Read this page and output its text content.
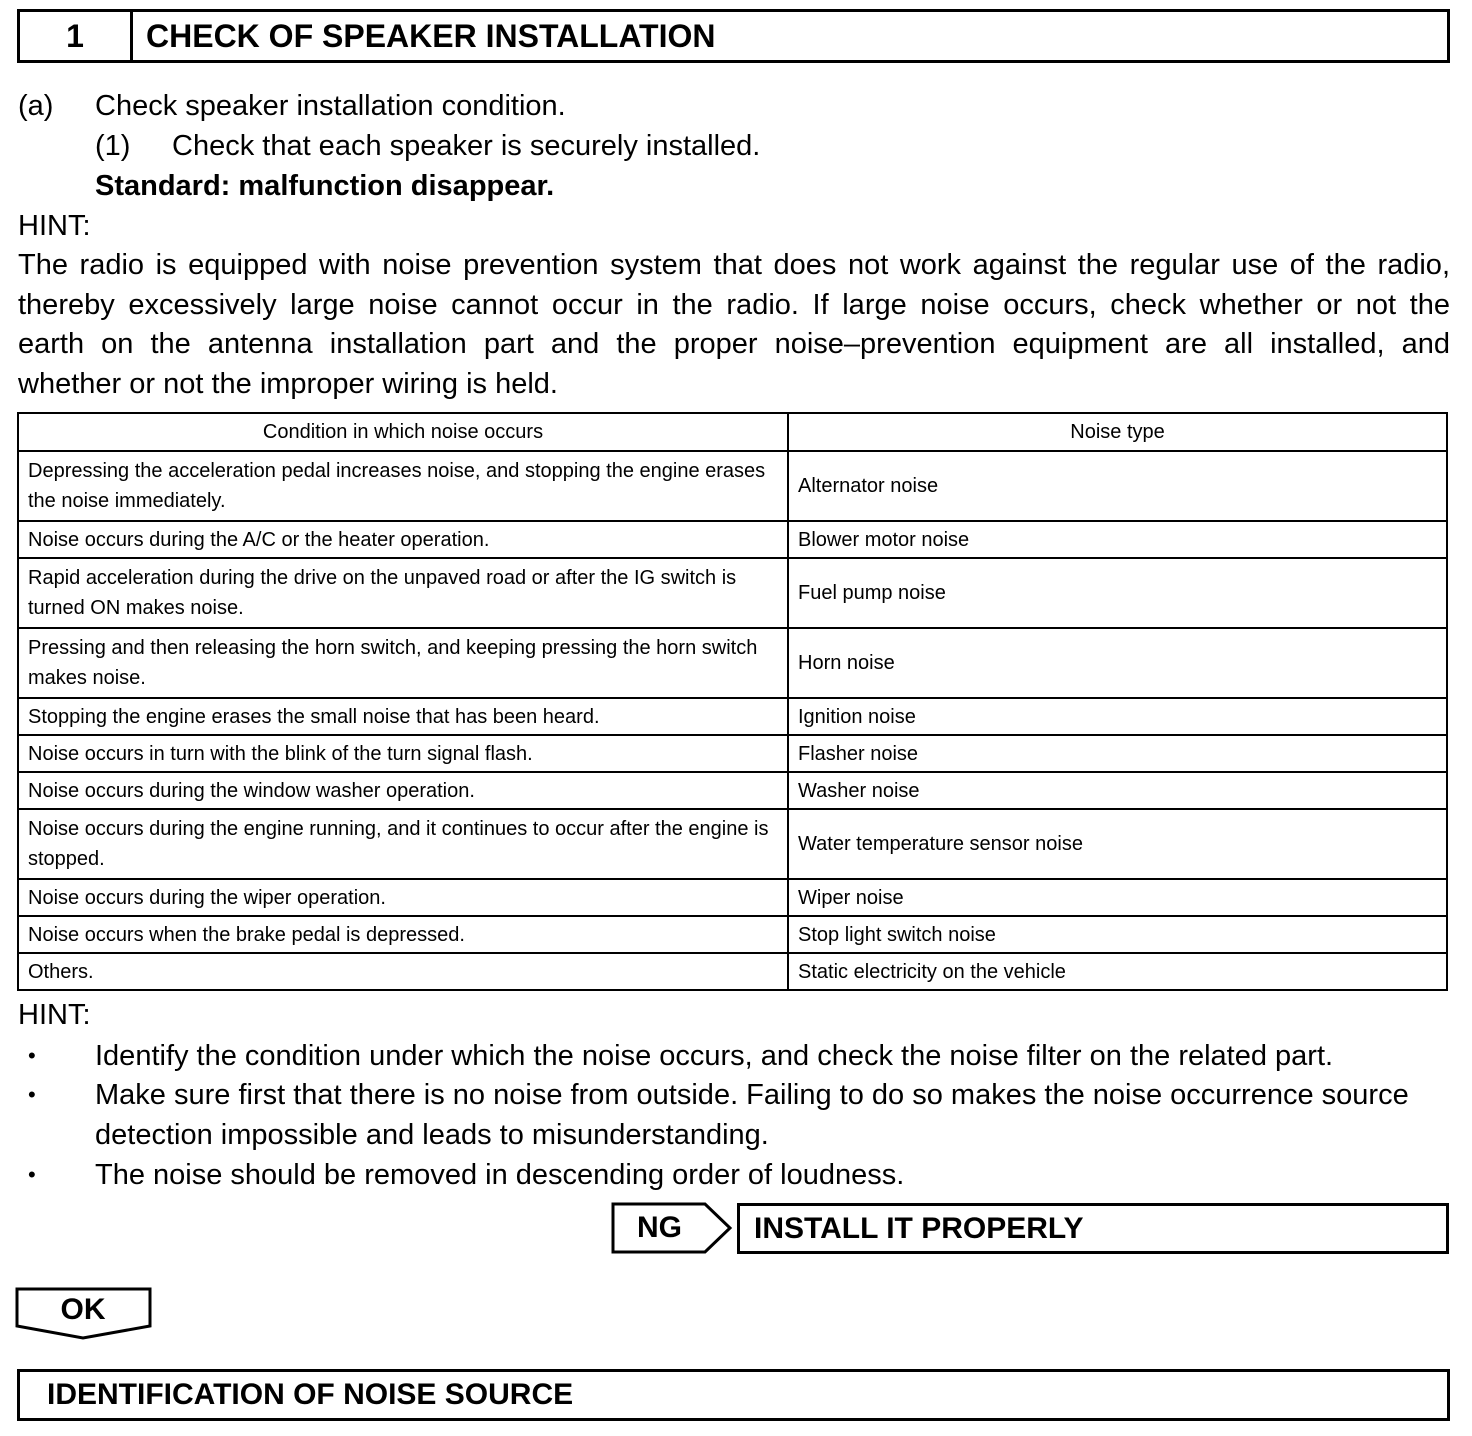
1	CHECK OF SPEAKER INSTALLATION
(a) Check speaker installation condition.
(1) Check that each speaker is securely installed.
Standard: malfunction disappear.
HINT:
The radio is equipped with noise prevention system that does not work against the regular use of the radio,
thereby excessively large noise cannot occur in the radio. If large noise occurs, check whether or not the
earth on the antenna installation part and the proper noise–prevention equipment are all installed, and
whether or not the improper wiring is held.
Condition in which noise occurs	Noise type
Depressing the acceleration pedal increases noise, and stopping the engine erases the noise immediately.	Alternator noise
Noise occurs during the A/C or the heater operation.	Blower motor noise
Rapid acceleration during the drive on the unpaved road or after the IG switch is turned ON makes noise.	Fuel pump noise
Pressing and then releasing the horn switch, and keeping pressing the horn switch makes noise.	Horn noise
Stopping the engine erases the small noise that has been heard.	Ignition noise
Noise occurs in turn with the blink of the turn signal flash.	Flasher noise
Noise occurs during the window washer operation.	Washer noise
Noise occurs during the engine running, and it continues to occur after the engine is stopped.	Water temperature sensor noise
Noise occurs during the wiper operation.	Wiper noise
Noise occurs when the brake pedal is depressed.	Stop light switch noise
Others.	Static electricity on the vehicle
HINT:
• Identify the condition under which the noise occurs, and check the noise filter on the related part.
• Make sure first that there is no noise from outside. Failing to do so makes the noise occurrence source
detection impossible and leads to misunderstanding.
• The noise should be removed in descending order of loudness.
NG	INSTALL IT PROPERLY
OK
IDENTIFICATION OF NOISE SOURCE
